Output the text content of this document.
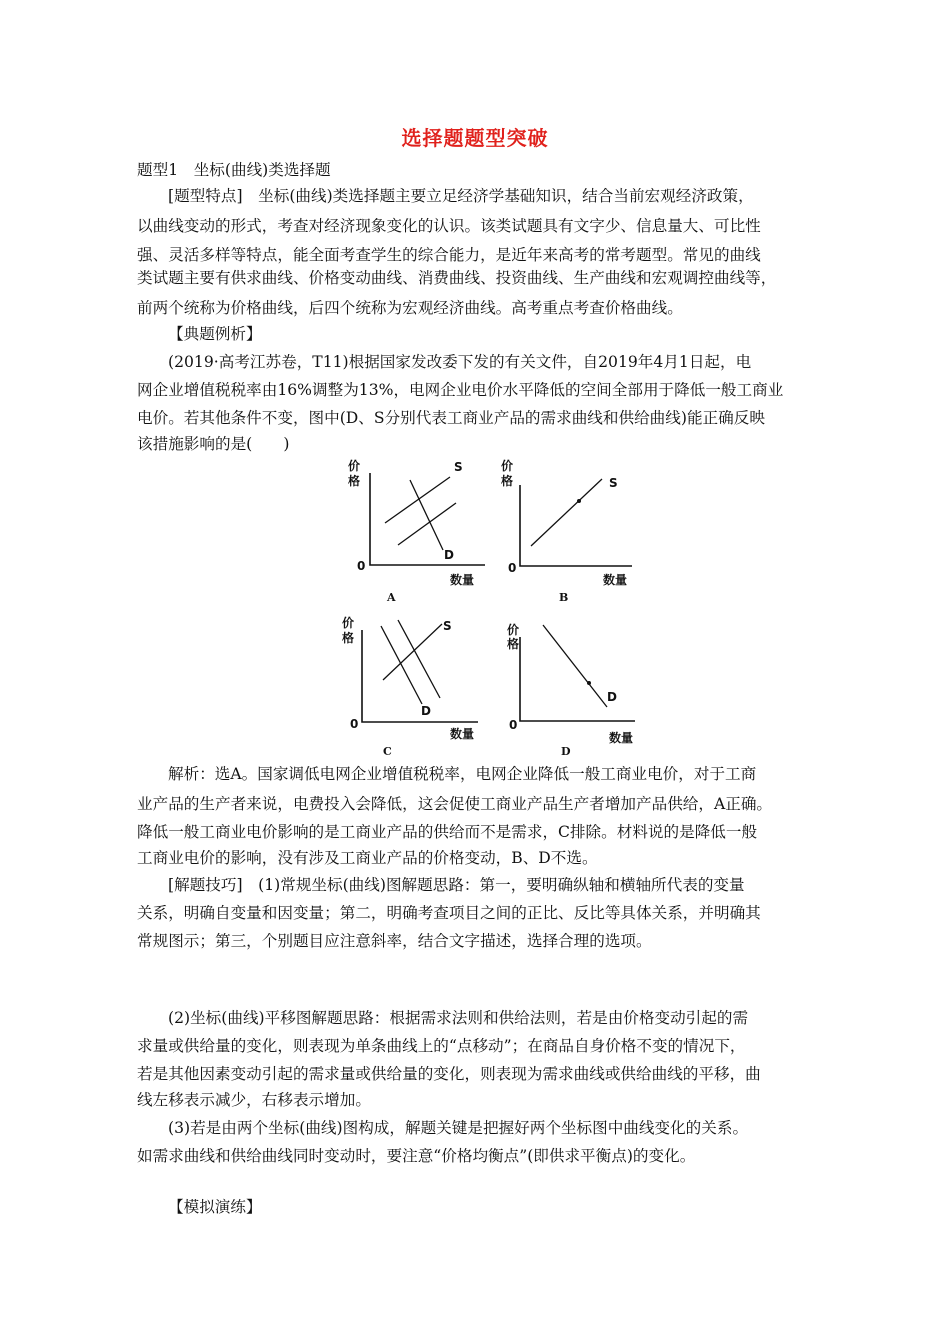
选择题题型突破
题型1　坐标(曲线)类选择题
[题型特点]　坐标(曲线)类选择题主要立足经济学基础知识，结合当前宏观经济政策，
以曲线变动的形式，考查对经济现象变化的认识。该类试题具有文字少、信息量大、可比性
强、灵活多样等特点，能全面考查学生的综合能力，是近年来高考的常考题型。常见的曲线
类试题主要有供求曲线、价格变动曲线、消费曲线、投资曲线、生产曲线和宏观调控曲线等，
前两个统称为价格曲线，后四个统称为宏观经济曲线。高考重点考查价格曲线。
【典题例析】
(2019·高考江苏卷，T11)根据国家发改委下发的有关文件，自2019年4月1日起，电
网企业增值税税率由16%调整为13%，电网企业电价水平降低的空间全部用于降低一般工商业
电价。若其他条件不变，图中(D、S分别代表工商业产品的需求曲线和供给曲线)能正确反映
该措施影响的是(　　)
价
格
0
S
D
数量
A
价
格
0
S
数量
B
价
格
0
S
D
数量
C
价
格
0
D
数量
D
解析：选A。国家调低电网企业增值税税率，电网企业降低一般工商业电价，对于工商
业产品的生产者来说，电费投入会降低，这会促使工商业产品生产者增加产品供给，A正确。
降低一般工商业电价影响的是工商业产品的供给而不是需求，C排除。材料说的是降低一般
工商业电价的影响，没有涉及工商业产品的价格变动，B、D不选。
[解题技巧]　(1)常规坐标(曲线)图解题思路：第一，要明确纵轴和横轴所代表的变量
关系，明确自变量和因变量；第二，明确考查项目之间的正比、反比等具体关系，并明确其
常规图示；第三，个别题目应注意斜率，结合文字描述，选择合理的选项。
(2)坐标(曲线)平移图解题思路：根据需求法则和供给法则，若是由价格变动引起的需
求量或供给量的变化，则表现为单条曲线上的“点移动”；在商品自身价格不变的情况下，
若是其他因素变动引起的需求量或供给量的变化，则表现为需求曲线或供给曲线的平移，曲
线左移表示减少，右移表示增加。
(3)若是由两个坐标(曲线)图构成，解题关键是把握好两个坐标图中曲线变化的关系。
如需求曲线和供给曲线同时变动时，要注意“价格均衡点”(即供求平衡点)的变化。
【模拟演练】
